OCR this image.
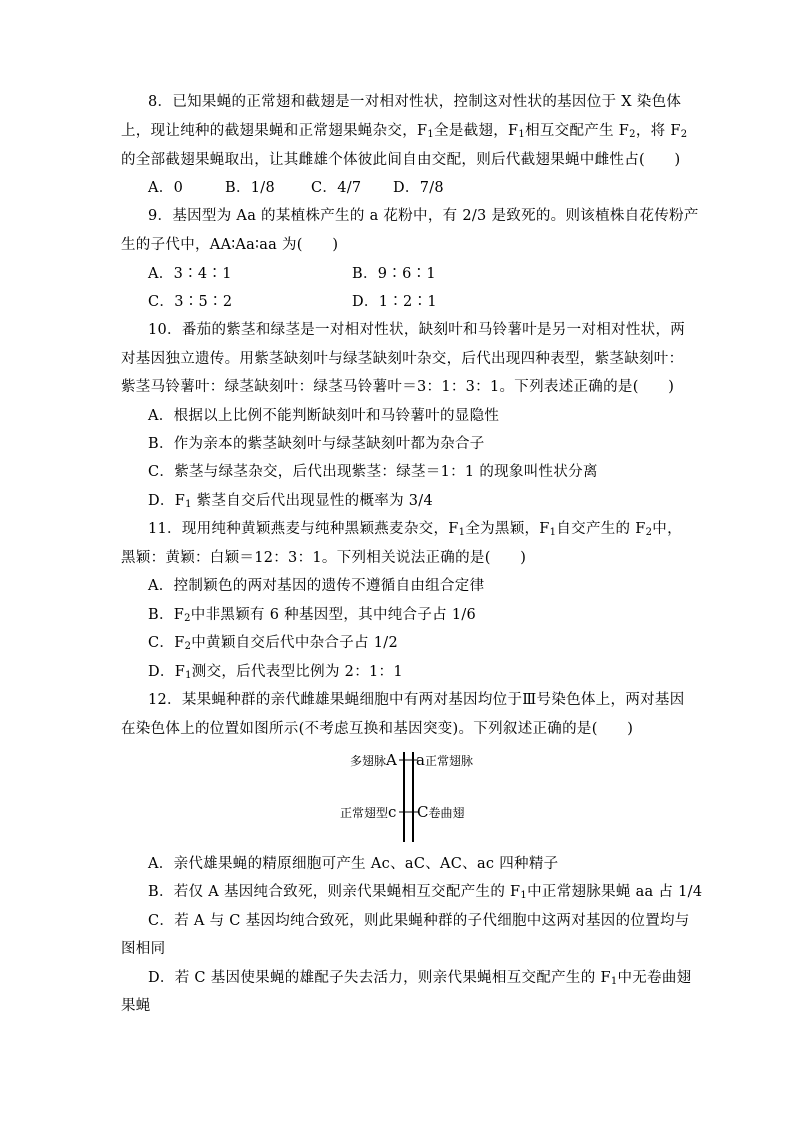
8．已知果蝇的正常翅和截翅是一对相对性状，控制这对性状的基因位于 X 染色体
上，现让纯种的截翅果蝇和正常翅果蝇杂交，$F_1$全是截翅，$F_1$相互交配产生 $F_2$，将 $F_2$
的全部截翅果蝇取出，让其雌雄个体彼此间自由交配，则后代截翅果蝇中雌性占(　　)
A．0	B．1/8 C．4/7 D．7/8
9．基因型为 Aa 的某植株产生的 a 花粉中，有 2/3 是致死的。则该植株自花传粉产
生的子代中，AA∶Aa∶aa 为(　　)
A．3∶4∶1	B．9∶6∶1
C．3∶5∶2	D．1∶2∶1
10．番茄的紫茎和绿茎是一对相对性状，缺刻叶和马铃薯叶是另一对相对性状，两
对基因独立遗传。用紫茎缺刻叶与绿茎缺刻叶杂交，后代出现四种表型，紫茎缺刻叶：
紫茎马铃薯叶：绿茎缺刻叶：绿茎马铃薯叶＝3：1：3：1。下列表述正确的是(　　)
A．根据以上比例不能判断缺刻叶和马铃薯叶的显隐性
B．作为亲本的紫茎缺刻叶与绿茎缺刻叶都为杂合子
C．紫茎与绿茎杂交，后代出现紫茎：绿茎＝1：1 的现象叫性状分离
D．$F_1$ 紫茎自交后代出现显性的概率为 3/4
11．现用纯种黄颖燕麦与纯种黑颖燕麦杂交，$F_1$全为黑颖，$F_1$自交产生的 $F_2$中，
黑颖：黄颖：白颖＝12：3：1。下列相关说法正确的是(　　)
A．控制颖色的两对基因的遗传不遵循自由组合定律
B．$F_2$中非黑颖有 6 种基因型，其中纯合子占 1/6
C．$F_2$中黄颖自交后代中杂合子占 1/2
D．$F_1$测交，后代表型比例为 2：1：1
12．某果蝇种群的亲代雌雄果蝇细胞中有两对基因均位于Ⅲ号染色体上，两对基因
在染色体上的位置如图所示(不考虑互换和基因突变)。下列叙述正确的是(　　)
多翅脉A a正常翅脉
正常翅型c C卷曲翅
A．亲代雄果蝇的精原细胞可产生 Ac、aC、AC、ac 四种精子
B．若仅 A 基因纯合致死，则亲代果蝇相互交配产生的 $F_1$中正常翅脉果蝇 aa 占 1/4
C．若 A 与 C 基因均纯合致死，则此果蝇种群的子代细胞中这两对基因的位置均与
图相同
D．若 C 基因使果蝇的雄配子失去活力，则亲代果蝇相互交配产生的 $F_1$中无卷曲翅
果蝇
